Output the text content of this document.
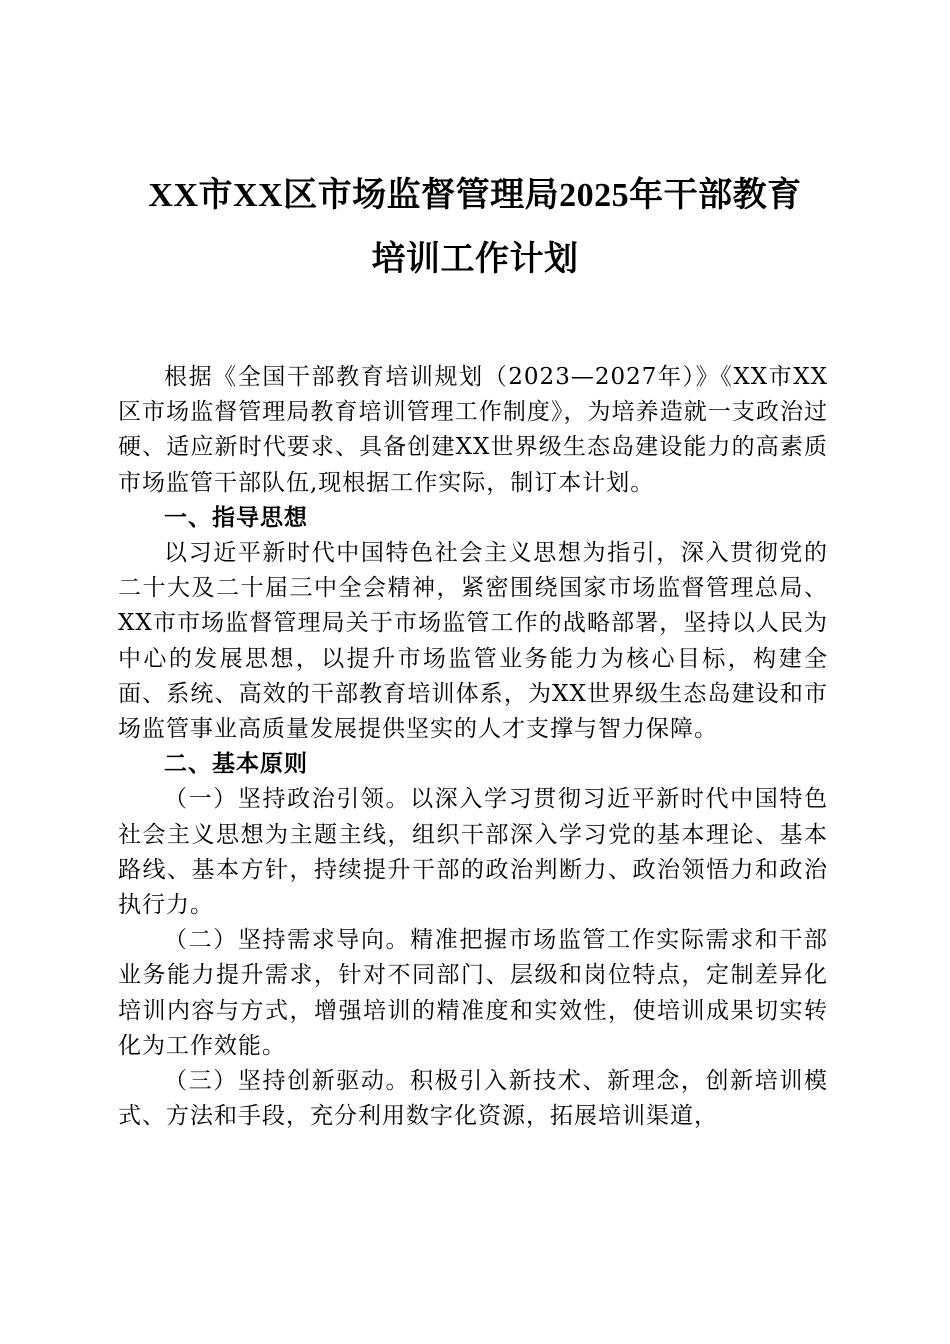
XX市XX区市场监督管理局2025年干部教育
培训工作计划

根据《全国干部教育培训规划（2023—2027年）》《XX市XX区市场监督管理局教育培训管理工作制度》，为培养造就一支政治过硬、适应新时代要求、具备创建XX世界级生态岛建设能力的高素质市场监管干部队伍,现根据工作实际，制订本计划。

一、指导思想

以习近平新时代中国特色社会主义思想为指引，深入贯彻党的二十大及二十届三中全会精神，紧密围绕国家市场监督管理总局、XX市市场监督管理局关于市场监管工作的战略部署，坚持以人民为中心的发展思想，以提升市场监管业务能力为核心目标，构建全面、系统、高效的干部教育培训体系，为XX世界级生态岛建设和市场监管事业高质量发展提供坚实的人才支撑与智力保障。

二、基本原则

（一）坚持政治引领。以深入学习贯彻习近平新时代中国特色社会主义思想为主题主线，组织干部深入学习党的基本理论、基本路线、基本方针，持续提升干部的政治判断力、政治领悟力和政治执行力。

（二）坚持需求导向。精准把握市场监管工作实际需求和干部业务能力提升需求，针对不同部门、层级和岗位特点，定制差异化培训内容与方式，增强培训的精准度和实效性，使培训成果切实转化为工作效能。

（三）坚持创新驱动。积极引入新技术、新理念，创新培训模式、方法和手段，充分利用数字化资源，拓展培训渠道，
